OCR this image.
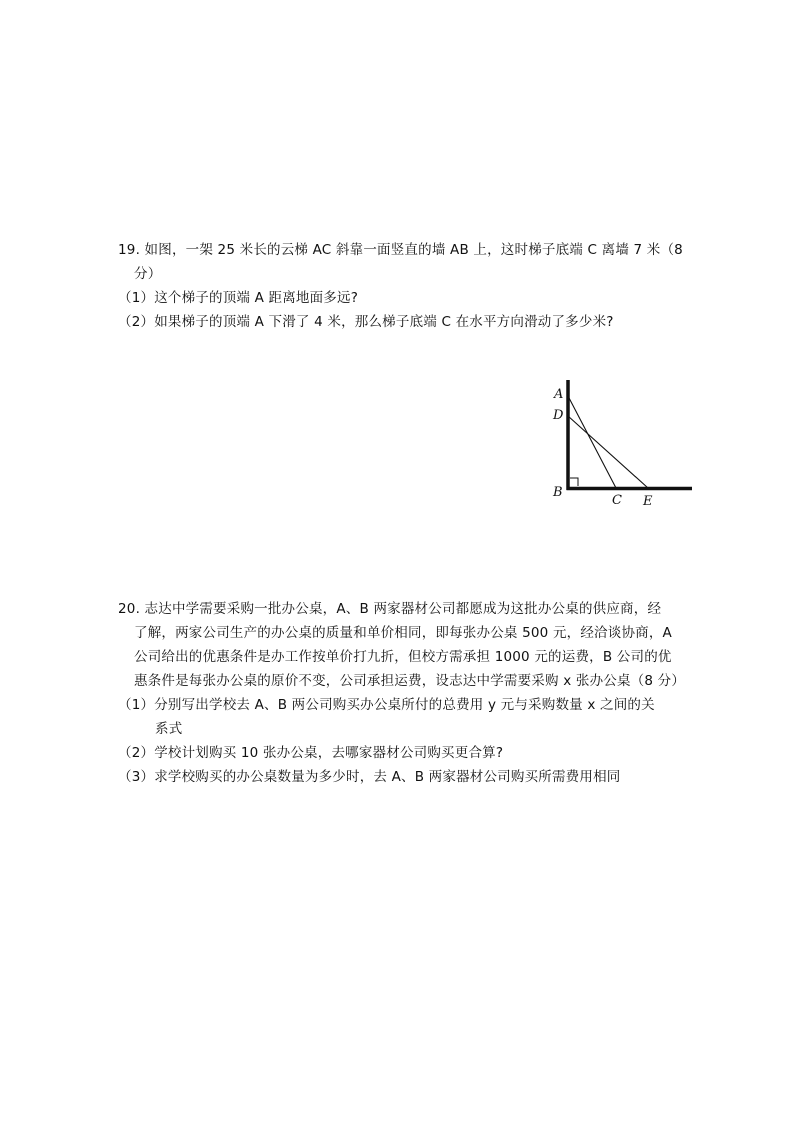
19. 如图，一架 25 米长的云梯 AC 斜靠一面竖直的墙 AB 上，这时梯子底端 C 离墙 7 米（8
分）
（1）这个梯子的顶端 A 距离地面多远?
（2）如果梯子的顶端 A 下滑了 4 米，那么梯子底端 C 在水平方向滑动了多少米?
A
D
B
C E
20. 志达中学需要采购一批办公桌，A、B 两家器材公司都愿成为这批办公桌的供应商，经
了解，两家公司生产的办公桌的质量和单价相同，即每张办公桌 500 元，经洽谈协商，A
公司给出的优惠条件是办工作按单价打九折，但校方需承担 1000 元的运费，B 公司的优
惠条件是每张办公桌的原价不变，公司承担运费，设志达中学需要采购 x 张办公桌（8 分）
（1）分别写出学校去 A、B 两公司购买办公桌所付的总费用 y 元与采购数量 x 之间的关
系式
（2）学校计划购买 10 张办公桌，去哪家器材公司购买更合算?
（3）求学校购买的办公桌数量为多少时，去 A、B 两家器材公司购买所需费用相同
